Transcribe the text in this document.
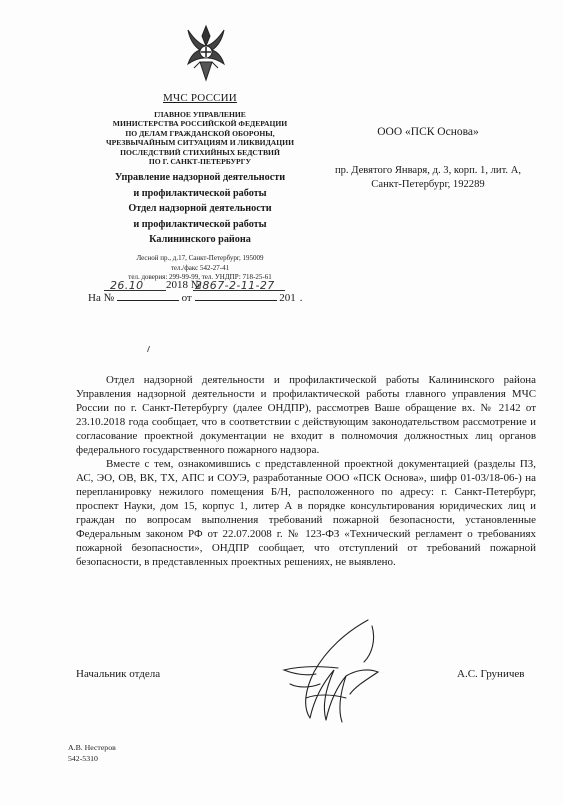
МЧС РОССИИ
ГЛАВНОЕ УПРАВЛЕНИЕ
МИНИСТЕРСТВА РОССИЙСКОЙ ФЕДЕРАЦИИ
ПО ДЕЛАМ ГРАЖДАНСКОЙ ОБОРОНЫ,
ЧРЕЗВЫЧАЙНЫМ СИТУАЦИЯМ И ЛИКВИДАЦИИ
ПОСЛЕДСТВИЙ СТИХИЙНЫХ БЕДСТВИЙ
ПО Г. САНКТ-ПЕТЕРБУРГУ
Управление надзорной деятельности
и профилактической работы
Отдел надзорной деятельности
и профилактической работы
Калининского района
Лесной пр., д.17, Санкт-Петербург, 195009
тел./факс 542-27-41
тел. доверия: 299-99-99, тел. УНДПР: 718-25-61
26.10	2867-2-11-27
2018 №
На №	от	201 .
ООО «ПСК Основа»
пр. Девятого Января, д. 3, корп. 1, лит. А,
Санкт-Петербург, 192289

Отдел надзорной деятельности и профилактической работы Калининского района Управления надзорной деятельности и профилактической работы главного управления МЧС России по г. Санкт-Петербургу (далее ОНДПР), рассмотрев Ваше обращение вх. № 2142 от 23.10.2018 года сообщает, что в соответствии с действующим законодательством рассмотрение и согласование проектной документации не входит в полномочия должностных лиц органов федерального государственного пожарного надзора.

Вместе с тем, ознакомившись с представленной проектной документацией (разделы ПЗ, АС, ЭО, ОВ, ВК, ТХ, АПС и СОУЭ, разработанные ООО «ПСК Основа», шифр 01-03/18-06-) на перепланировку нежилого помещения Б/Н, расположенного по адресу: г. Санкт-Петербург, проспект Науки, дом 15, корпус 1, литер А в порядке консультирования юридических лиц и граждан по вопросам выполнения требований пожарной безопасности, установленные Федеральным законом РФ от 22.07.2008 г. № 123-ФЗ «Технический регламент о требованиях пожарной безопасности», ОНДПР сообщает, что отступлений от требований пожарной безопасности, в представленных проектных решениях, не выявлено.

Начальник отдела	А.С. Груничев
А.В. Нестеров
542-5310
